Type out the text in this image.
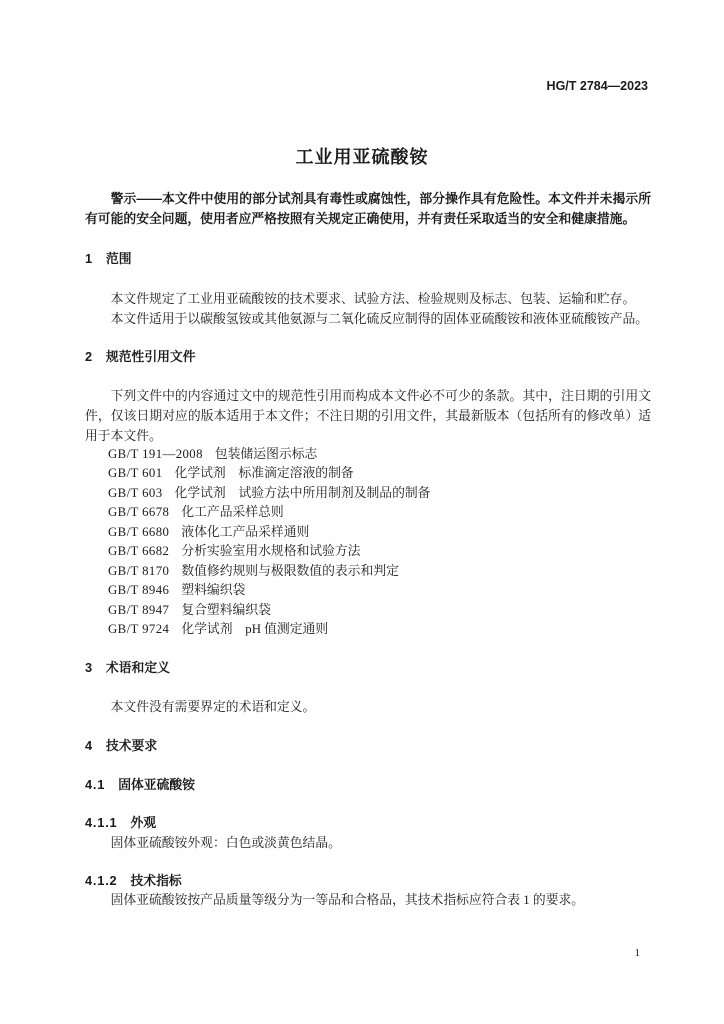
HG/T 2784—2023
工业用亚硫酸铵

警示——本文件中使用的部分试剂具有毒性或腐蚀性，部分操作具有危险性。本文件并未揭示所有可能的安全问题，使用者应严格按照有关规定正确使用，并有责任采取适当的安全和健康措施。

1 范围

本文件规定了工业用亚硫酸铵的技术要求、试验方法、检验规则及标志、包装、运输和贮存。

本文件适用于以碳酸氢铵或其他氨源与二氧化硫反应制得的固体亚硫酸铵和液体亚硫酸铵产品。

2 规范性引用文件

下列文件中的内容通过文中的规范性引用而构成本文件必不可少的条款。其中，注日期的引用文件，仅该日期对应的版本适用于本文件；不注日期的引用文件，其最新版本（包括所有的修改单）适用于本文件。

GB/T 191—2008 包装储运图示标志
GB/T 601 化学试剂　标准滴定溶液的制备
GB/T 603 化学试剂　试验方法中所用制剂及制品的制备
GB/T 6678 化工产品采样总则
GB/T 6680 液体化工产品采样通则
GB/T 6682 分析实验室用水规格和试验方法
GB/T 8170 数值修约规则与极限数值的表示和判定
GB/T 8946 塑料编织袋
GB/T 8947 复合塑料编织袋
GB/T 9724 化学试剂　pH 值测定通则
3 术语和定义

本文件没有需要界定的术语和定义。

4 技术要求
4.1 固体亚硫酸铵
4.1.1 外观

固体亚硫酸铵外观：白色或淡黄色结晶。

4.1.2 技术指标

固体亚硫酸铵按产品质量等级分为一等品和合格品，其技术指标应符合表 1 的要求。

1
